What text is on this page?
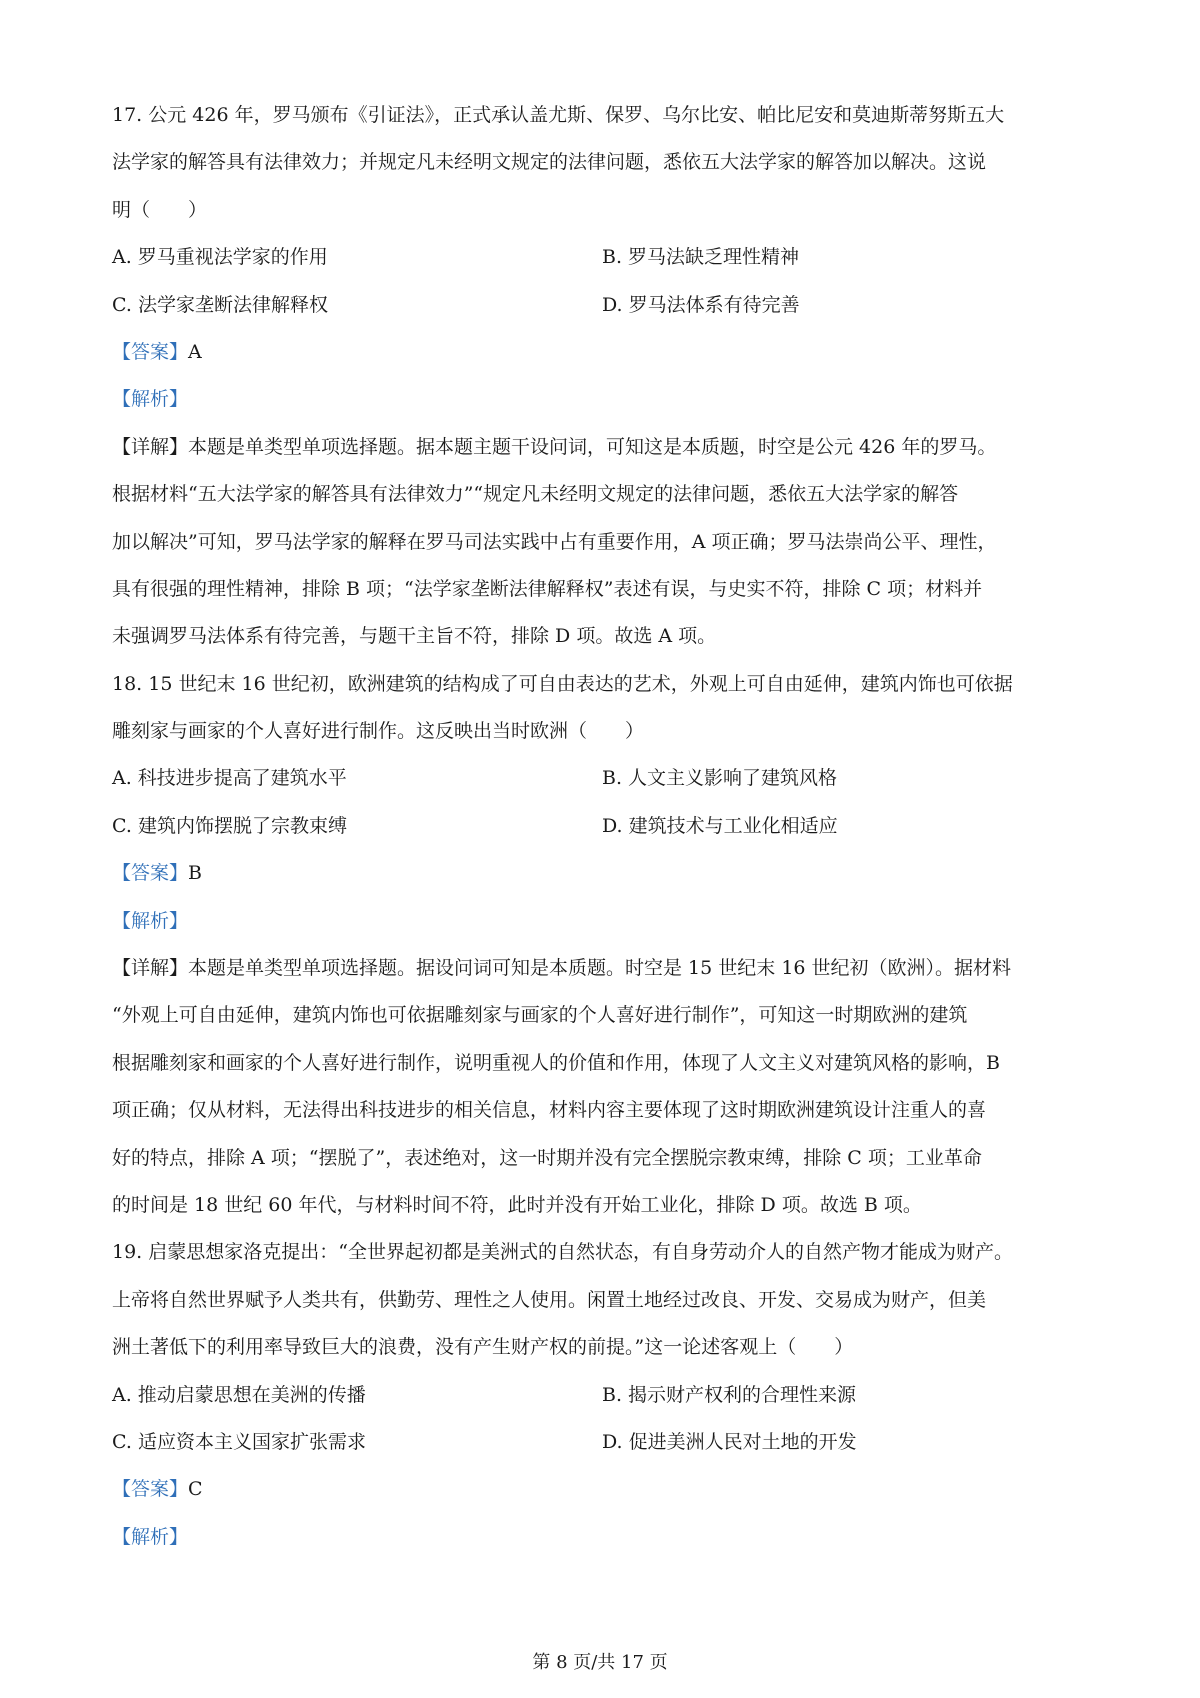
17. 公元 426 年，罗马颁布《引证法》，正式承认盖尤斯、保罗、乌尔比安、帕比尼安和莫迪斯蒂努斯五大
法学家的解答具有法律效力；并规定凡未经明文规定的法律问题，悉依五大法学家的解答加以解决。这说
明（　　）
A. 罗马重视法学家的作用	B. 罗马法缺乏理性精神
C. 法学家垄断法律解释权	D. 罗马法体系有待完善
【答案】A
【解析】
【详解】本题是单类型单项选择题。据本题主题干设问词，可知这是本质题，时空是公元 426 年的罗马。
根据材料“五大法学家的解答具有法律效力”“规定凡未经明文规定的法律问题，悉依五大法学家的解答
加以解决”可知，罗马法学家的解释在罗马司法实践中占有重要作用，A 项正确；罗马法崇尚公平、理性，
具有很强的理性精神，排除 B 项；“法学家垄断法律解释权”表述有误，与史实不符，排除 C 项；材料并
未强调罗马法体系有待完善，与题干主旨不符，排除 D 项。故选 A 项。
18. 15 世纪末 16 世纪初，欧洲建筑的结构成了可自由表达的艺术，外观上可自由延伸，建筑内饰也可依据
雕刻家与画家的个人喜好进行制作。这反映出当时欧洲（　　）
A. 科技进步提高了建筑水平	B. 人文主义影响了建筑风格
C. 建筑内饰摆脱了宗教束缚	D. 建筑技术与工业化相适应
【答案】B
【解析】
【详解】本题是单类型单项选择题。据设问词可知是本质题。时空是 15 世纪末 16 世纪初（欧洲）。据材料
“外观上可自由延伸，建筑内饰也可依据雕刻家与画家的个人喜好进行制作”，可知这一时期欧洲的建筑
根据雕刻家和画家的个人喜好进行制作，说明重视人的价值和作用，体现了人文主义对建筑风格的影响，B
项正确；仅从材料，无法得出科技进步的相关信息，材料内容主要体现了这时期欧洲建筑设计注重人的喜
好的特点，排除 A 项；“摆脱了”，表述绝对，这一时期并没有完全摆脱宗教束缚，排除 C 项；工业革命
的时间是 18 世纪 60 年代，与材料时间不符，此时并没有开始工业化，排除 D 项。故选 B 项。
19. 启蒙思想家洛克提出：“全世界起初都是美洲式的自然状态，有自身劳动介人的自然产物才能成为财产。
上帝将自然世界赋予人类共有，供勤劳、理性之人使用。闲置土地经过改良、开发、交易成为财产，但美
洲土著低下的利用率导致巨大的浪费，没有产生财产权的前提。”这一论述客观上（　　）
A. 推动启蒙思想在美洲的传播	B. 揭示财产权利的合理性来源
C. 适应资本主义国家扩张需求	D. 促进美洲人民对土地的开发
【答案】C
【解析】
第 8 页/共 17 页
